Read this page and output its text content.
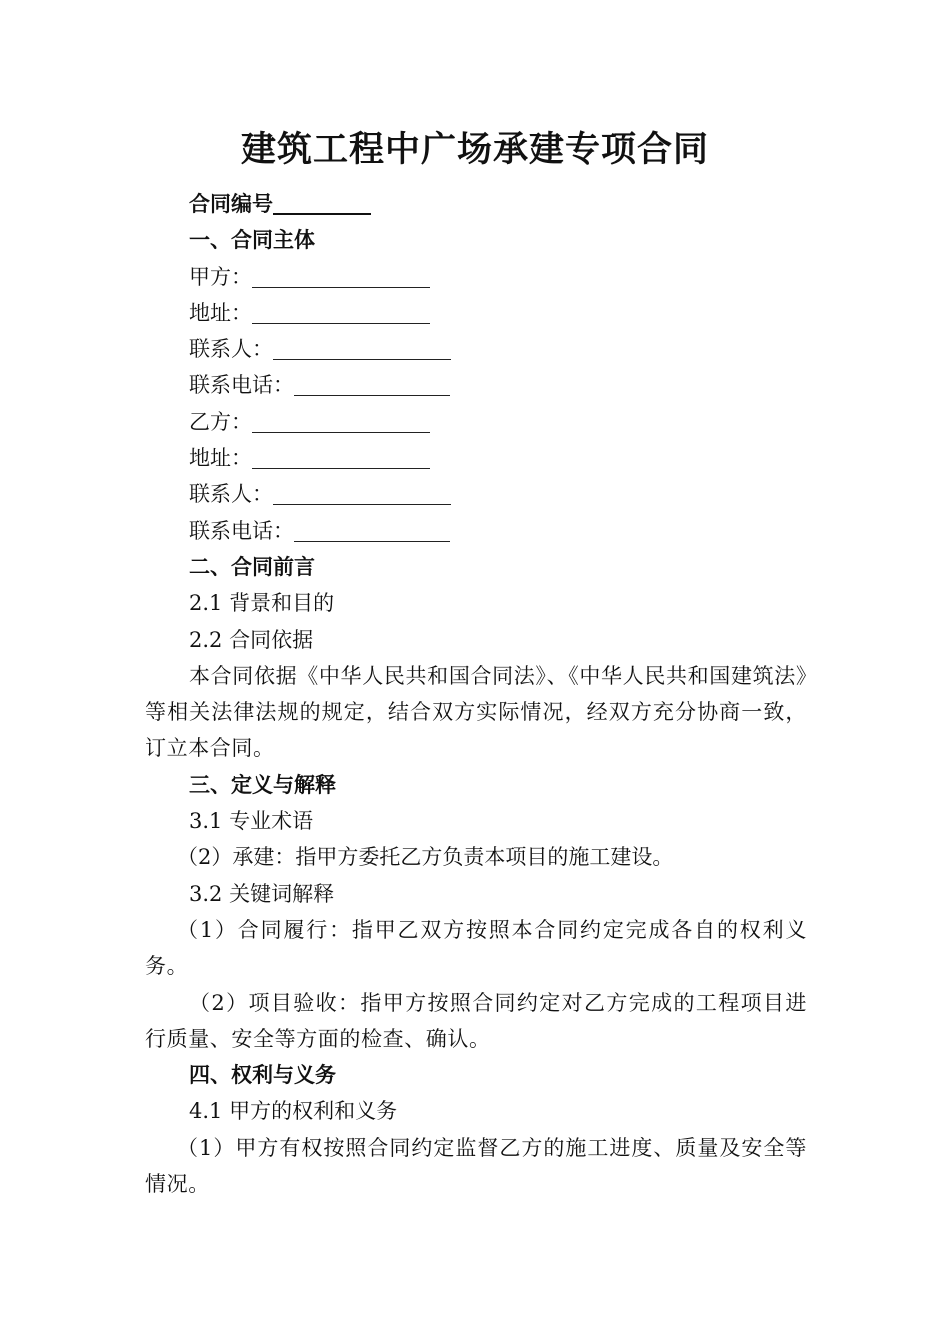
建筑工程中广场承建专项合同

合同编号

一、合同主体

甲方：

地址：

联系人：

联系电话：

乙方：

地址：

联系人：

联系电话：

二、合同前言

2.1 背景和目的

2.2 合同依据

本合同依据《中华人民共和国合同法》、《中华人民共和国建筑法》等相关法律法规的规定，结合双方实际情况，经双方充分协商一致，订立本合同。

三、定义与解释

3.1 专业术语

（2）承建：指甲方委托乙方负责本项目的施工建设。

3.2 关键词解释

（1）合同履行：指甲乙双方按照本合同约定完成各自的权利义务。

（2）项目验收：指甲方按照合同约定对乙方完成的工程项目进行质量、安全等方面的检查、确认。

四、权利与义务

4.1 甲方的权利和义务

（1）甲方有权按照合同约定监督乙方的施工进度、质量及安全等情况。
